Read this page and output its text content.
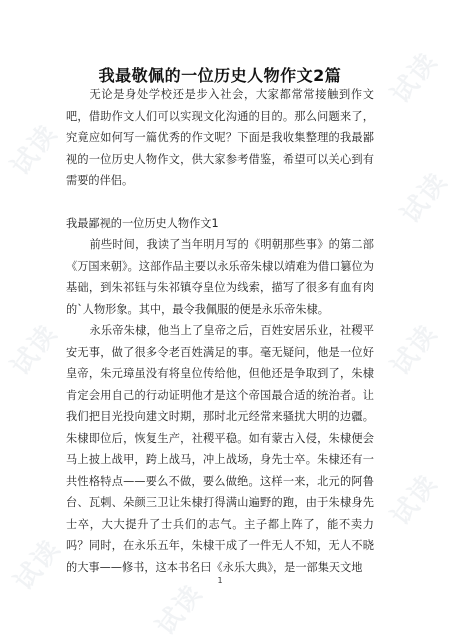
试读
试读
试读
试读
试读
试读
试读
试读
我最敬佩的一位历史人物作文2篇

无论是身处学校还是步入社会，大家都常常接触到作文吧，借助作文人们可以实现文化沟通的目的。那么问题来了，究竟应如何写一篇优秀的作文呢？下面是我收集整理的我最鄙视的一位历史人物作文，供大家参考借鉴，希望可以关心到有需要的伴侣。

我最鄙视的一位历史人物作文1

前些时间，我读了当年明月写的《明朝那些事》的第二部《万国来朝》。这部作品主要以永乐帝朱棣以靖难为借口篡位为基础，到朱祁钰与朱祁镇夺皇位为线索，描写了很多有血有肉的`人物形象。其中，最令我佩服的便是永乐帝朱棣。

永乐帝朱棣，他当上了皇帝之后，百姓安居乐业，社稷平安无事，做了很多令老百姓满足的事。毫无疑问，他是一位好皇帝，朱元璋虽没有将皇位传给他，但他还是争取到了，朱棣肯定会用自己的行动证明他才是这个帝国最合适的统治者。让我们把目光投向建文时期，那时北元经常来骚扰大明的边疆。朱棣即位后，恢复生产，社稷平稳。如有蒙古入侵，朱棣便会马上披上战甲，跨上战马，冲上战场，身先士卒。朱棣还有一共性格特点——要么不做，要么做绝。这样一来，北元的阿鲁台、瓦剌、朵颜三卫让朱棣打得满山遍野的跑，由于朱棣身先士卒，大大提升了士兵们的志气。主子都上阵了，能不卖力吗？同时，在永乐五年，朱棣干成了一件无人不知，无人不晓的大事——修书，这本书名曰《永乐大典》，是一部集天文地

1
